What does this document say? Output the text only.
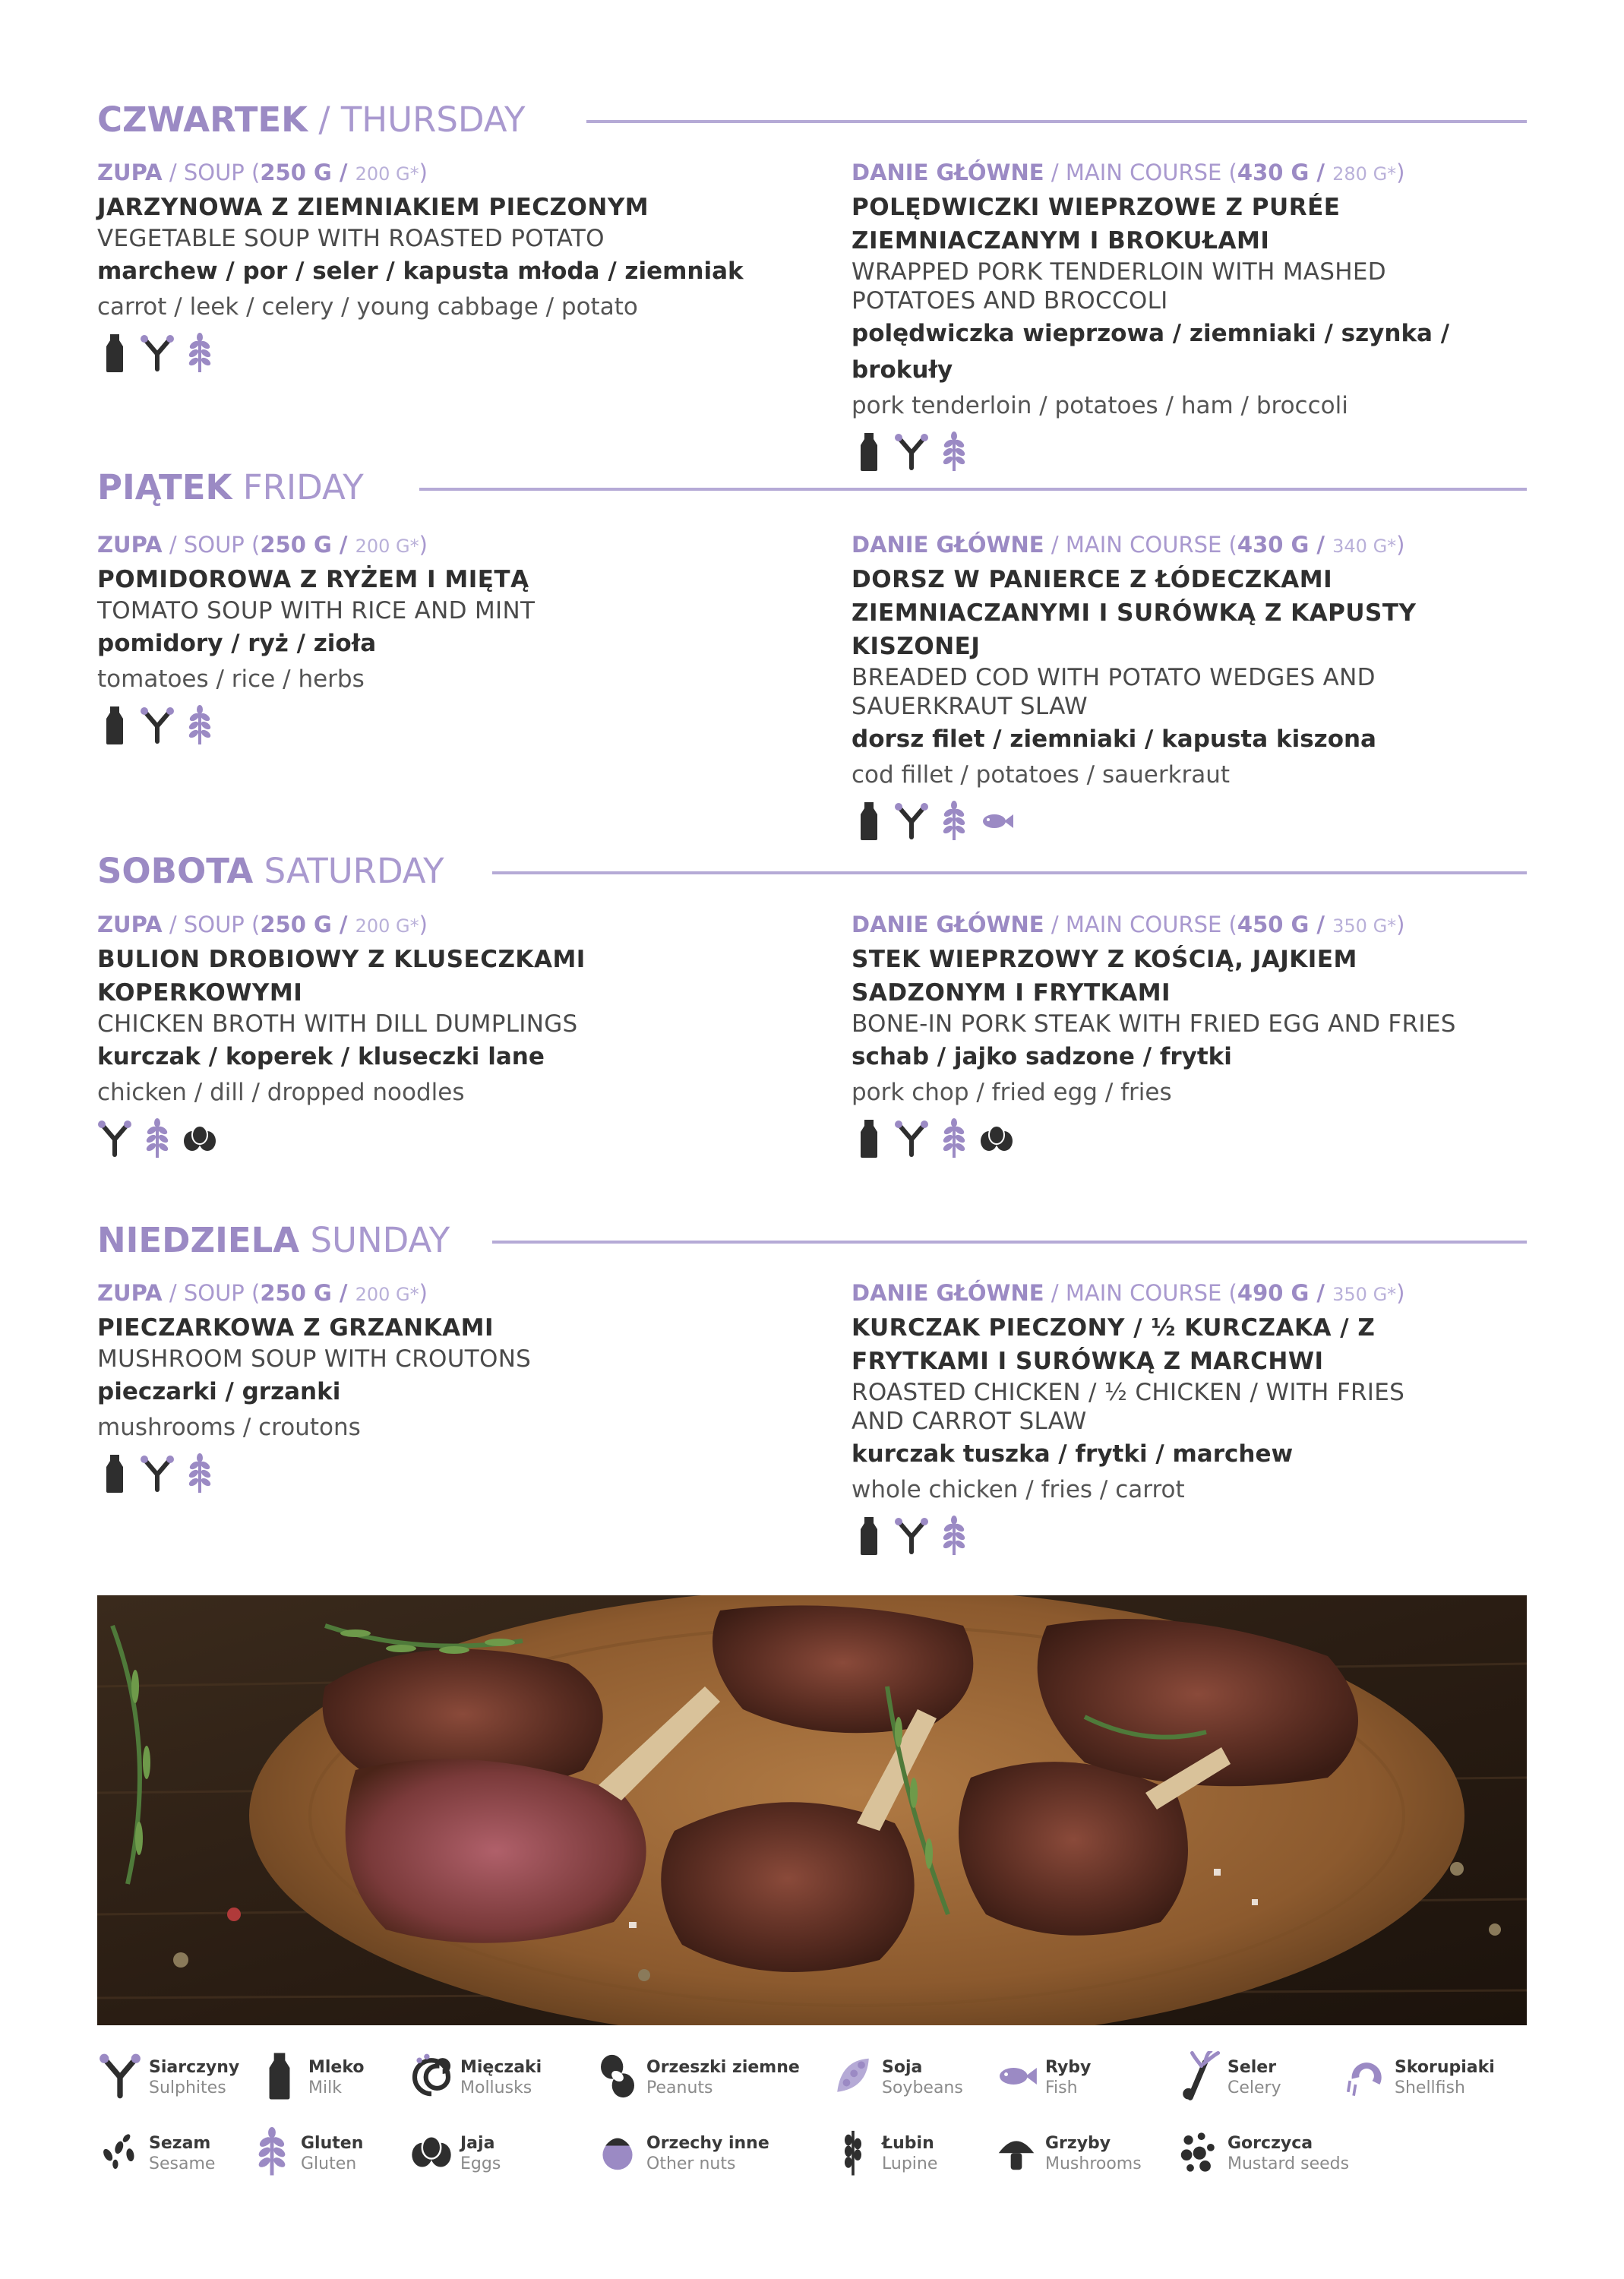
CZWARTEK / THURSDAY
ZUPA / SOUP (250 G / 200 G*)
JARZYNOWA Z ZIEMNIAKIEM PIECZONYM
VEGETABLE SOUP WITH ROASTED POTATO
marchew / por / seler / kapusta młoda / ziemniak
carrot / leek / celery / young cabbage / potato
DANIE GŁÓWNE / MAIN COURSE (430 G / 280 G*)
POLĘDWICZKI WIEPRZOWE Z PURÉE ZIEMNIACZANYM I BROKUŁAMI
WRAPPED PORK TENDERLOIN WITH MASHED POTATOES AND BROCCOLI
polędwiczka wieprzowa / ziemniaki / szynka / brokuły
pork tenderloin / potatoes / ham / broccoli
PIĄTEK FRIDAY
ZUPA / SOUP (250 G / 200 G*)
POMIDOROWA Z RYŻEM I MIĘTĄ
TOMATO SOUP WITH RICE AND MINT
pomidory / ryż / zioła
tomatoes / rice / herbs
DANIE GŁÓWNE / MAIN COURSE (430 G / 340 G*)
DORSZ W PANIERCE Z ŁÓDECZKAMI ZIEMNIACZANYMI I SURÓWKĄ Z KAPUSTY KISZONEJ
BREADED COD WITH POTATO WEDGES AND SAUERKRAUT SLAW
dorsz filet / ziemniaki / kapusta kiszona
cod fillet / potatoes / sauerkraut
SOBOTA SATURDAY
ZUPA / SOUP (250 G / 200 G*)
BULION DROBIOWY Z KLUSECZKAMI KOPERKOWYMI
CHICKEN BROTH WITH DILL DUMPLINGS
kurczak / koperek / kluseczki lane
chicken / dill / dropped noodles
DANIE GŁÓWNE / MAIN COURSE (450 G / 350 G*)
STEK WIEPRZOWY Z KOŚCIĄ, JAJKIEM SADZONYM I FRYTKAMI
BONE-IN PORK STEAK WITH FRIED EGG AND FRIES
schab / jajko sadzone / frytki
pork chop / fried egg / fries
NIEDZIELA SUNDAY
ZUPA / SOUP (250 G / 200 G*)
PIECZARKOWA Z GRZANKAMI
MUSHROOM SOUP WITH CROUTONS
pieczarki / grzanki
mushrooms / croutons
DANIE GŁÓWNE / MAIN COURSE (490 G / 350 G*)
KURCZAK PIECZONY / ½ KURCZAKA / Z FRYTKAMI I SURÓWKĄ Z MARCHWI
ROASTED CHICKEN / ½ CHICKEN / WITH FRIES AND CARROT SLAW
kurczak tuszka / frytki / marchew
whole chicken / fries / carrot
Siarczyny
Sulphites
Mleko
Milk
Mięczaki
Mollusks
Orzeszki ziemne
Peanuts
Soja
Soybeans
Ryby
Fish
Seler
Celery
Skorupiaki
Shellfish
Sezam
Sesame
Gluten
Gluten
Jaja
Eggs
Orzechy inne
Other nuts
Łubin
Lupine
Grzyby
Mushrooms
Gorczyca
Mustard seeds
